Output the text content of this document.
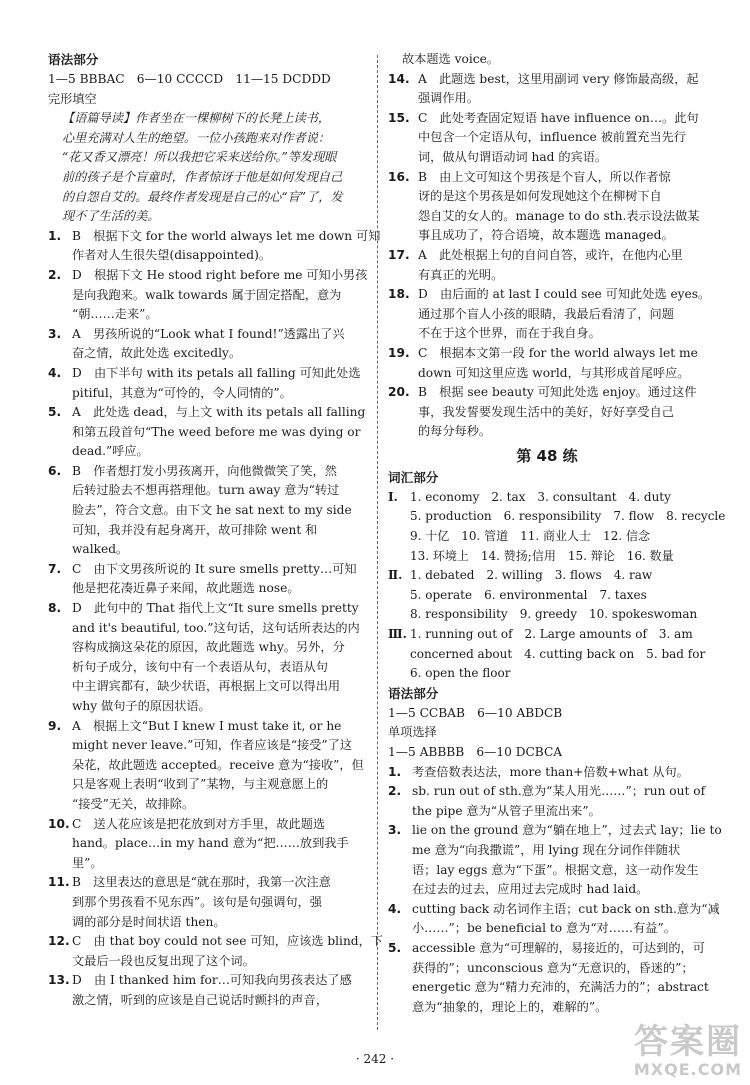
语法部分
1—5 BBBAC　6—10 CCCCD　11—15 DCDDD
完形填空
【语篇导读】作者坐在一棵柳树下的长凳上读书，
心里充满对人生的绝望。一位小孩跑来对作者说：
“花又香又漂亮！所以我把它采来送给你。”等发现眼
前的孩子是个盲童时，作者惊讶于他是如何发现自己
的自怨自艾的。最终作者发现是自己的心“盲”了，发
现不了生活的美。
1. B　根据下文 for the world always let me down 可知
作者对人生很失望(disappointed)。
2. D　根据下文 He stood right before me 可知小男孩
是向我跑来。walk towards 属于固定搭配，意为
“朝……走来”。
3. A　男孩所说的“Look what I found!”透露出了兴
奋之情，故此处选 excitedly。
4. D　由下半句 with its petals all falling 可知此处选
pitiful，其意为“可怜的，令人同情的”。
5. A　此处选 dead，与上文 with its petals all falling
和第五段首句“The weed before me was dying or
dead.”呼应。
6. B　作者想打发小男孩离开，向他微微笑了笑，然
后转过脸去不想再搭理他。turn away 意为“转过
脸去”，符合文意。由下文 he sat next to my side
可知，我并没有起身离开，故可排除 went 和
walked。
7. C　由下文男孩所说的 It sure smells pretty…可知
他是把花凑近鼻子来闻，故此题选 nose。
8. D　此句中的 That 指代上文“It sure smells pretty
and it's beautiful, too.”这句话，这句话所表达的内
容构成摘这朵花的原因，故此题选 why。另外，分
析句子成分，该句中有一个表语从句，表语从句
中主谓宾都有，缺少状语，再根据上文可以得出用
why 做句子的原因状语。
9. A　根据上文“But I knew I must take it, or he
might never leave.”可知，作者应该是“接受”了这
朵花，故此题选 accepted。receive 意为“接收”，但
只是客观上表明“收到了”某物，与主观意愿上的
“接受”无关，故排除。
10. C　送人花应该是把花放到对方手里，故此题选
hand。place…in my hand 意为“把……放到我手
里”。
11. B　这里表达的意思是“就在那时，我第一次注意
到那个男孩看不见东西”。该句是句强调句，强
调的部分是时间状语 then。
12. C　由 that boy could not see 可知，应该选 blind，下
文最后一段也反复出现了这个词。
13. D　由 I thanked him for…可知我向男孩表达了感
激之情，听到的应该是自己说话时颤抖的声音，
故本题选 voice。
14. A　此题选 best，这里用副词 very 修饰最高级，起
强调作用。
15. C　此处考查固定短语 have influence on…。此句
中包含一个定语从句，influence 被前置充当先行
词，做从句谓语动词 had 的宾语。
16. B　由上文可知这个男孩是个盲人，所以作者惊
讶的是这个男孩是如何发现她这个在柳树下自
怨自艾的女人的。manage to do sth.表示设法做某
事且成功了，符合语境，故本题选 managed。
17. A　此处根据上句的自问自答，或许，在他内心里
有真正的光明。
18. D　由后面的 at last I could see 可知此处选 eyes。
通过那个盲人小孩的眼睛，我最后看清了，问题
不在于这个世界，而在于我自身。
19. C　根据本文第一段 for the world always let me
down 可知这里应选 world，与其形成首尾呼应。
20. B　根据 see beauty 可知此处选 enjoy。通过这件
事，我发誓要发现生活中的美好，好好享受自己
的每分每秒。
第 48 练
词汇部分
Ⅰ.	1. economy　2. tax　3. consultant　4. duty
5. production　6. responsibility　7. flow　8. recycle
9. 十亿　10. 管道　11. 商业人士　12. 信念
13. 环境上　14. 赞扬;信用　15. 辩论　16. 数量
Ⅱ. 1. debated　2. willing　3. flows　4. raw
5. operate　6. environmental　7. taxes
8. responsibility　9. greedy　10. spokeswoman
Ⅲ. 1. running out of　2. Large amounts of　3. am
concerned about　4. cutting back on　5. bad for
6. open the floor
语法部分
1—5 CCBAB　6—10 ABDCB
单项选择
1—5 ABBBB　6—10 DCBCA
1. 考查倍数表达法，more than+倍数+what 从句。
2. sb. run out of sth.意为“某人用光……”；run out of
the pipe 意为“从管子里流出来”。
3. lie on the ground 意为“躺在地上”，过去式 lay；lie to
me 意为“向我撒谎”，用 lying 现在分词作伴随状
语；lay eggs 意为“下蛋”。根据文意，这一动作发生
在过去的过去，应用过去完成时 had laid。
4. cutting back 动名词作主语；cut back on sth.意为“减
小……”；be beneficial to 意为“对……有益”。
5. accessible 意为“可理解的，易接近的，可达到的，可
获得的”；unconscious 意为“无意识的，昏迷的”；
energetic 意为“精力充沛的，充满活力的”；abstract
意为“抽象的，理论上的，难解的”。
· 242 ·	答案圈
MXQE.COM
